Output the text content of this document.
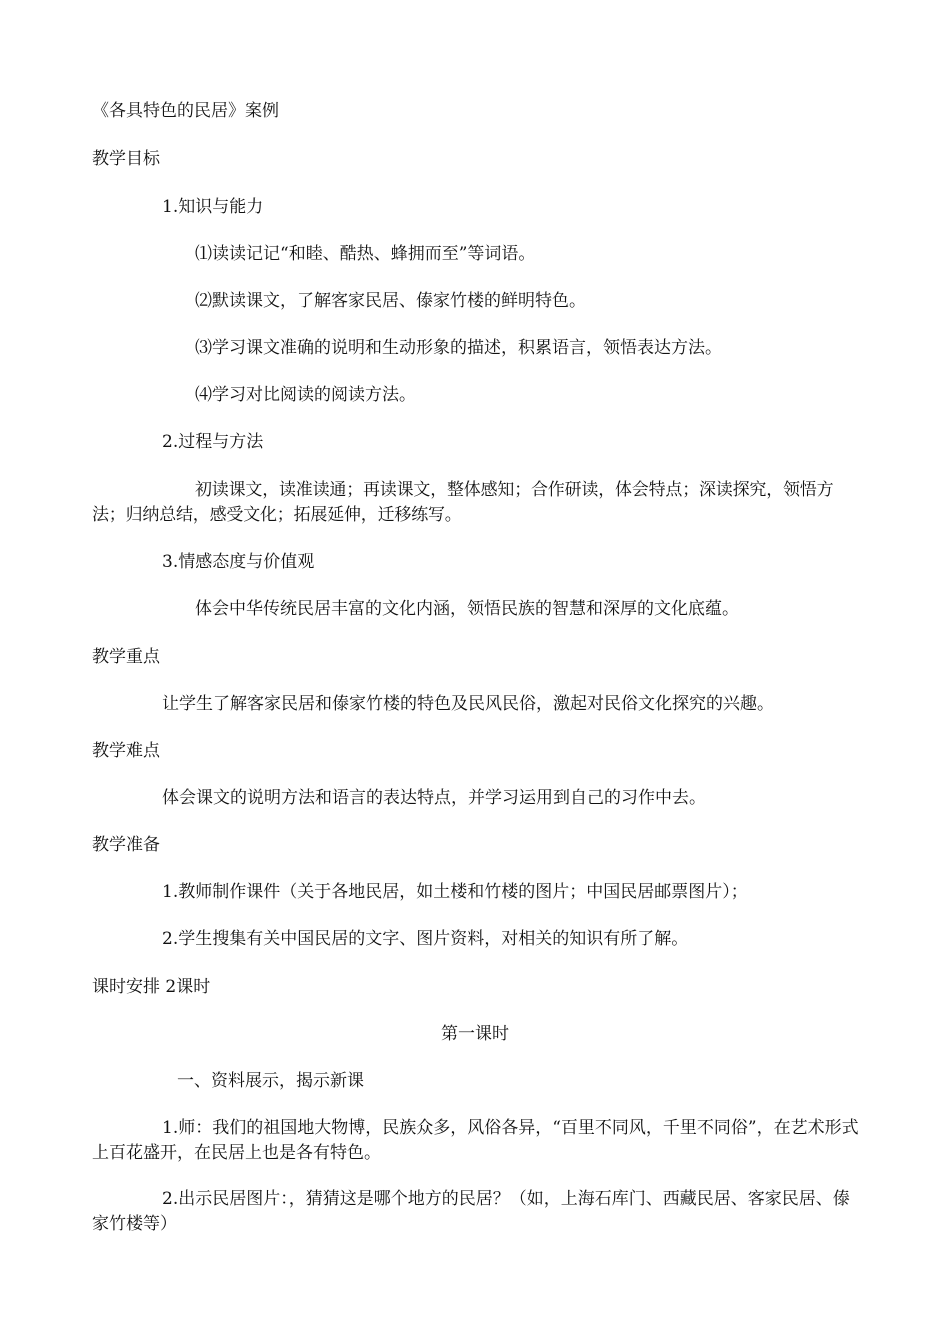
《各具特色的民居》案例
教学目标
1.知识与能力
⑴读读记记“和睦、酷热、蜂拥而至”等词语。
⑵默读课文，了解客家民居、傣家竹楼的鲜明特色。
⑶学习课文准确的说明和生动形象的描述，积累语言，领悟表达方法。
⑷学习对比阅读的阅读方法。
2.过程与方法
初读课文，读准读通；再读课文，整体感知；合作研读，体会特点；深读探究，领悟方法；归纳总结，感受文化；拓展延伸，迁移练写。
3.情感态度与价值观
体会中华传统民居丰富的文化内涵，领悟民族的智慧和深厚的文化底蕴。
教学重点
让学生了解客家民居和傣家竹楼的特色及民风民俗，激起对民俗文化探究的兴趣。
教学难点
体会课文的说明方法和语言的表达特点，并学习运用到自己的习作中去。
教学准备
1.教师制作课件（关于各地民居，如土楼和竹楼的图片；中国民居邮票图片）；
2.学生搜集有关中国民居的文字、图片资料，对相关的知识有所了解。
课时安排 2课时
第一课时
一、资料展示，揭示新课
1.师：我们的祖国地大物博，民族众多，风俗各异，“百里不同风，千里不同俗”，在艺术形式上百花盛开，在民居上也是各有特色。
2.出示民居图片：，猜猜这是哪个地方的民居？（如，上海石库门、西藏民居、客家民居、傣家竹楼等）
